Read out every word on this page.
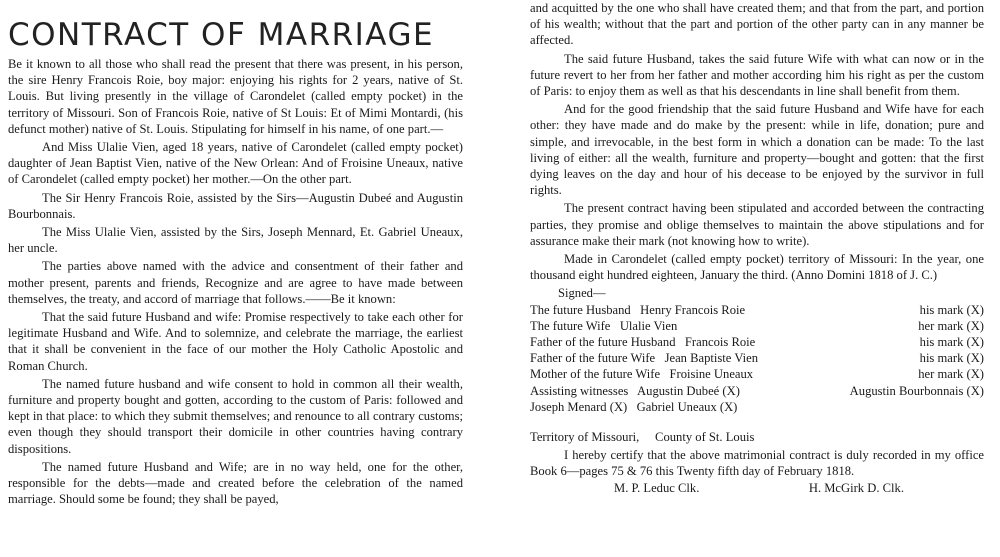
CONTRACT OF MARRIAGE

Be it known to all those who shall read the present that there was present, in his person, the sire Henry Francois Roie, boy major: enjoying his rights for 2 years, native of St. Louis. But living presently in the village of Carondelet (called empty pocket) in the territory of Missouri. Son of Francois Roie, native of St Louis: Et of Mimi Montardi, (his defunct mother) native of St. Louis. Stipulating for himself in his name, of one part.—

And Miss Ulalie Vien, aged 18 years, native of Carondelet (called empty pocket) daughter of Jean Baptist Vien, native of the New Orlean: And of Froisine Uneaux, native of Carondelet (called empty pocket) her mother.—On the other part.

The Sir Henry Francois Roie, assisted by the Sirs—Augustin Dubeé and Augustin Bourbonnais.

The Miss Ulalie Vien, assisted by the Sirs, Joseph Mennard, Et. Gabriel Uneaux, her uncle.

The parties above named with the advice and consentment of their father and mother present, parents and friends, Recognize and are agree to have made between themselves, the treaty, and accord of marriage that follows.——Be it known:

That the said future Husband and wife: Promise respectively to take each other for legitimate Husband and Wife. And to solemnize, and celebrate the marriage, the earliest that it shall be convenient in the face of our mother the Holy Catholic Apostolic and Roman Church.

The named future husband and wife consent to hold in common all their wealth, furniture and property bought and gotten, according to the custom of Paris: followed and kept in that place: to which they submit themselves; and renounce to all contrary customs; even though they should transport their domicile in other countries having contrary dispositions.

The named future Husband and Wife; are in no way held, one for the other, responsible for the debts—made and created before the celebration of the named marriage. Should some be found; they shall be payed,

and acquitted by the one who shall have created them; and that from the part, and portion of his wealth; without that the part and portion of the other party can in any manner be affected.

The said future Husband, takes the said future Wife with what can now or in the future revert to her from her father and mother according him his right as per the custom of Paris: to enjoy them as well as that his descendants in line shall benefit from them.

And for the good friendship that the said future Husband and Wife have for each other: they have made and do make by the present: while in life, donation; pure and simple, and irrevocable, in the best form in which a donation can be made: To the last living of either: all the wealth, furniture and property—bought and gotten: that the first dying leaves on the day and hour of his decease to be enjoyed by the survivor in full rights.

The present contract having been stipulated and accorded between the contracting parties, they promise and oblige themselves to maintain the above stipulations and for assurance make their mark (not knowing how to write).

Made in Carondelet (called empty pocket) territory of Missouri: In the year, one thousand eight hundred eighteen, January the third. (Anno Domini 1818 of J. C.)

Signed—
The future Husband   Henry Francois Roie	his mark (X)
The future Wife   Ulalie Vien	her mark (X)
Father of the future Husband   Francois Roie	his mark (X)
Father of the future Wife   Jean Baptiste Vien	his mark (X)
Mother of the future Wife   Froisine Uneaux	her mark (X)
Assisting witnesses   Augustin Dubeé (X)	Augustin Bourbonnais (X)
Joseph Menard (X)   Gabriel Uneaux (X)
Territory of Missouri,     County of St. Louis

I hereby certify that the above matrimonial contract is duly recorded in my office Book 6—pages 75 & 76 this Twenty fifth day of February 1818.

M. P. Leduc Clk.	H. McGirk D. Clk.
